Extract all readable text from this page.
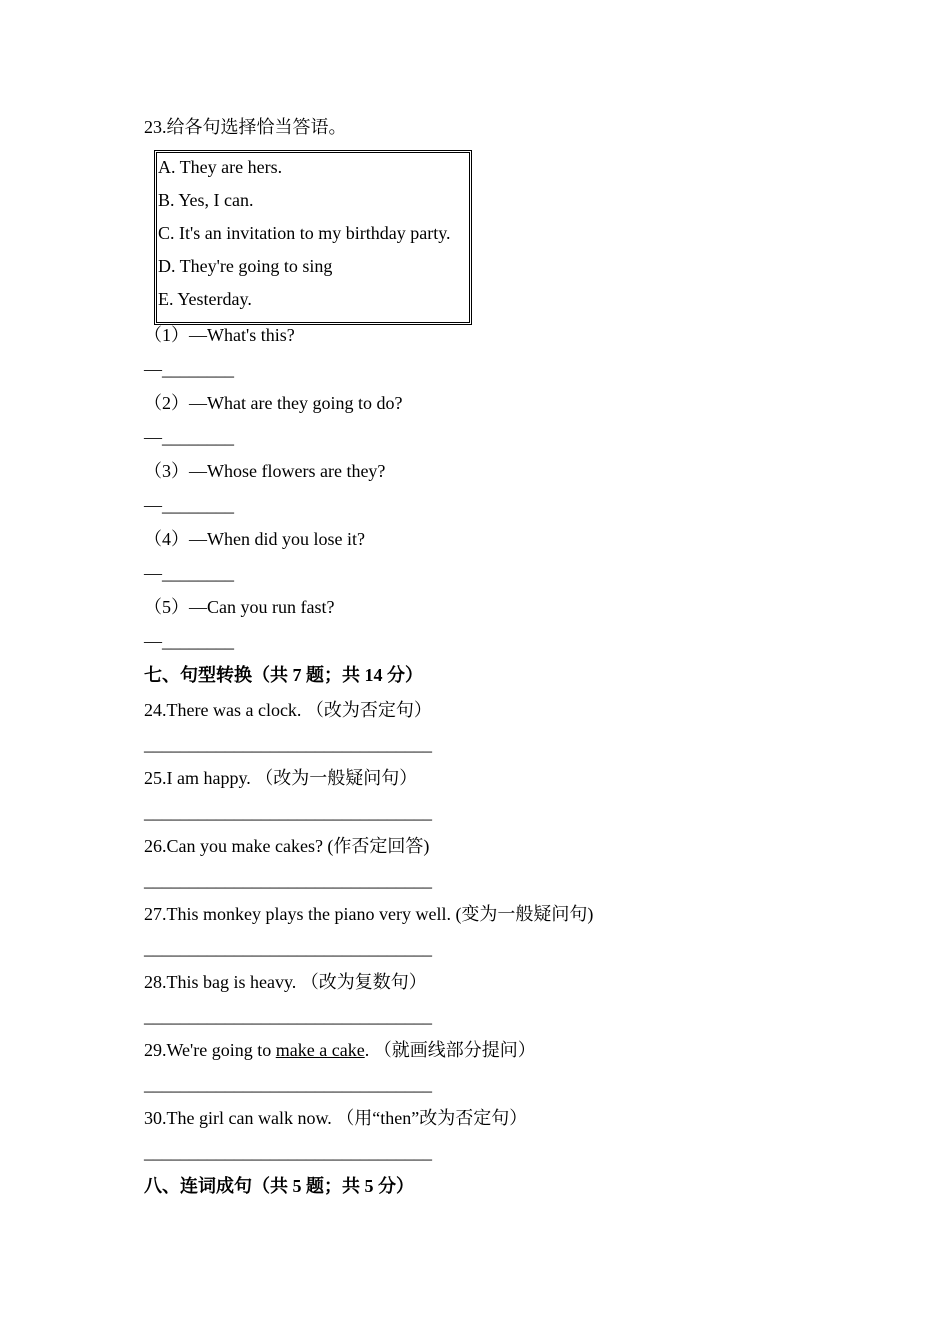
23.给各句选择恰当答语。
A. They are hers.
B. Yes, I can.
C. It's an invitation to my birthday party.
D. They're going to sing
E. Yesterday.
（1）—What's this?
—________
（2）—What are they going to do?
—________
（3）—Whose flowers are they?
—________
（4）—When did you lose it?
—________
（5）—Can you run fast?
—________
七、句型转换（共 7 题；共 14 分）
24.There was a clock. （改为否定句）
________________________________
25.I am happy. （改为一般疑问句）
________________________________
26.Can you make cakes? (作否定回答)
________________________________
27.This monkey plays the piano very well. (变为一般疑问句)
________________________________
28.This bag is heavy. （改为复数句）
________________________________
29.We're going to make a cake. （就画线部分提问）
________________________________
30.The girl can walk now. （用“then”改为否定句）
________________________________
八、连词成句（共 5 题；共 5 分）
